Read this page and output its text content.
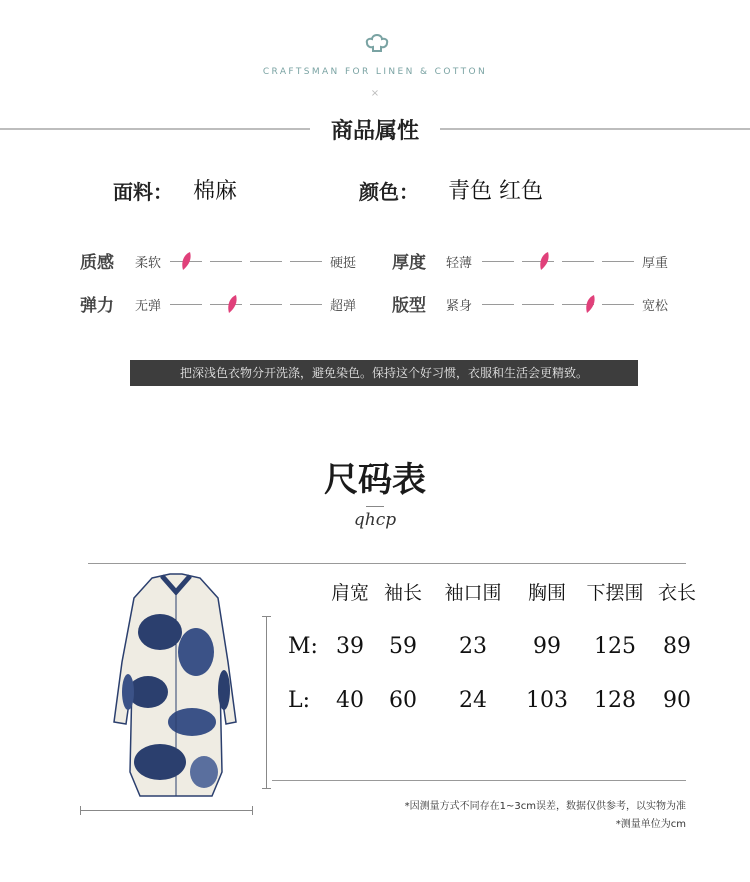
CRAFTSMAN FOR LINEN & COTTON
×
商品属性
面料： 棉麻	颜色： 青色 红色
质感 柔软	硬挺 厚度 轻薄	厚重
弹力 无弹	超弹 版型 紧身	宽松
把深浅色衣物分开洗涤，避免染色。保持这个好习惯，衣服和生活会更精致。
尺码表
qhcp
肩宽 袖长	袖口围	胸围	下摆围 衣长
M: 39	59	23	99	125	89
L:	40	60	24	103	128	90
*因测量方式不同存在1~3cm误差，数据仅供参考，以实物为准
*测量单位为cm
